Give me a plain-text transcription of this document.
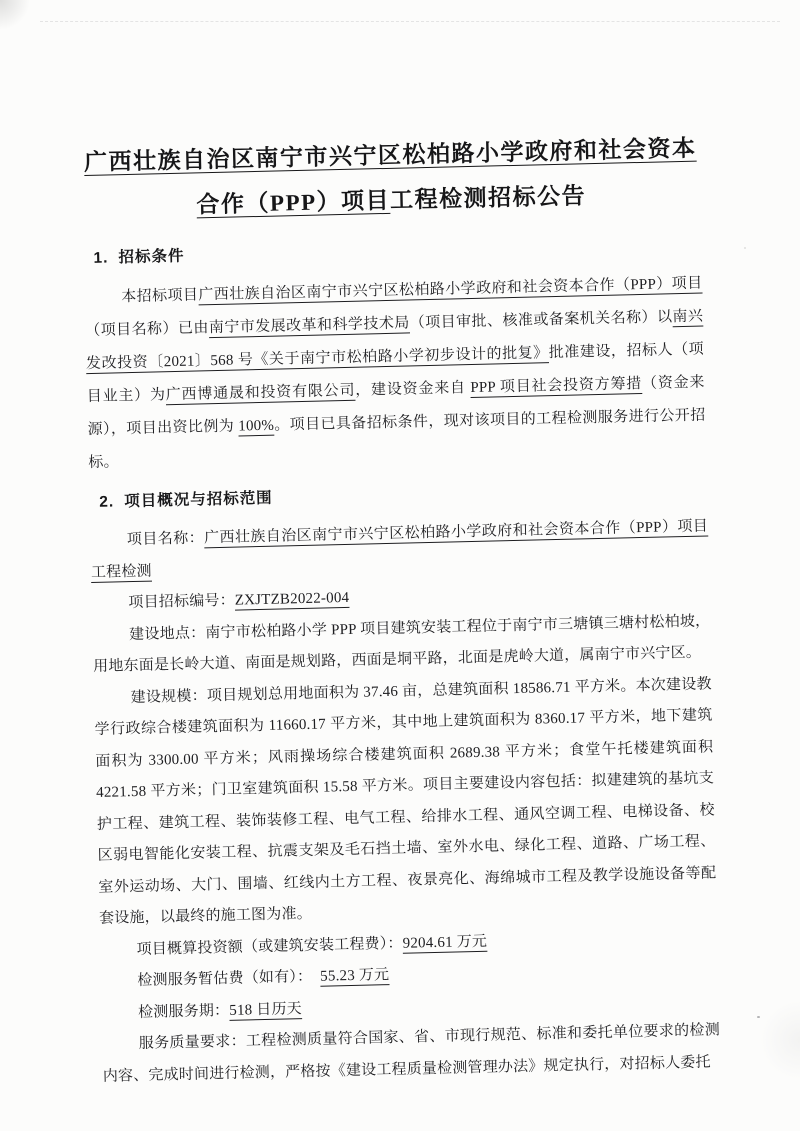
广西壮族自治区南宁市兴宁区松柏路小学政府和社会资本
合作（PPP）项目工程检测招标公告
1. 招标条件

本招标项目广西壮族自治区南宁市兴宁区松柏路小学政府和社会资本合作（PPP）项目（项目名称）已由南宁市发展改革和科学技术局（项目审批、核准或备案机关名称）以南兴发改投资〔2021〕568 号《关于南宁市松柏路小学初步设计的批复》批准建设，招标人（项目业主）为广西博通晟和投资有限公司，建设资金来自 PPP 项目社会投资方筹措（资金来源），项目出资比例为 100%。项目已具备招标条件，现对该项目的工程检测服务进行公开招标。

2. 项目概况与招标范围

项目名称：广西壮族自治区南宁市兴宁区松柏路小学政府和社会资本合作（PPP）项目工程检测

项目招标编号：ZXJTZB2022-004

建设地点：南宁市松柏路小学 PPP 项目建筑安装工程位于南宁市三塘镇三塘村松柏坡，用地东面是长岭大道、南面是规划路，西面是垌平路，北面是虎岭大道，属南宁市兴宁区。

建设规模：项目规划总用地面积为 37.46 亩，总建筑面积 18586.71 平方米。本次建设教学行政综合楼建筑面积为 11660.17 平方米，其中地上建筑面积为 8360.17 平方米，地下建筑面积为 3300.00 平方米；风雨操场综合楼建筑面积 2689.38 平方米；食堂午托楼建筑面积 4221.58 平方米；门卫室建筑面积 15.58 平方米。项目主要建设内容包括：拟建建筑的基坑支护工程、建筑工程、装饰装修工程、电气工程、给排水工程、通风空调工程、电梯设备、校区弱电智能化安装工程、抗震支架及毛石挡土墙、室外水电、绿化工程、道路、广场工程、室外运动场、大门、围墙、红线内土方工程、夜景亮化、海绵城市工程及教学设施设备等配套设施，以最终的施工图为准。

项目概算投资额（或建筑安装工程费）：9204.61 万元

检测服务暂估费（如有）： 55.23 万元

检测服务期：518 日历天

服务质量要求：工程检测质量符合国家、省、市现行规范、标准和委托单位要求的检测内容、完成时间进行检测，严格按《建设工程质量检测管理办法》规定执行，对招标人委托
